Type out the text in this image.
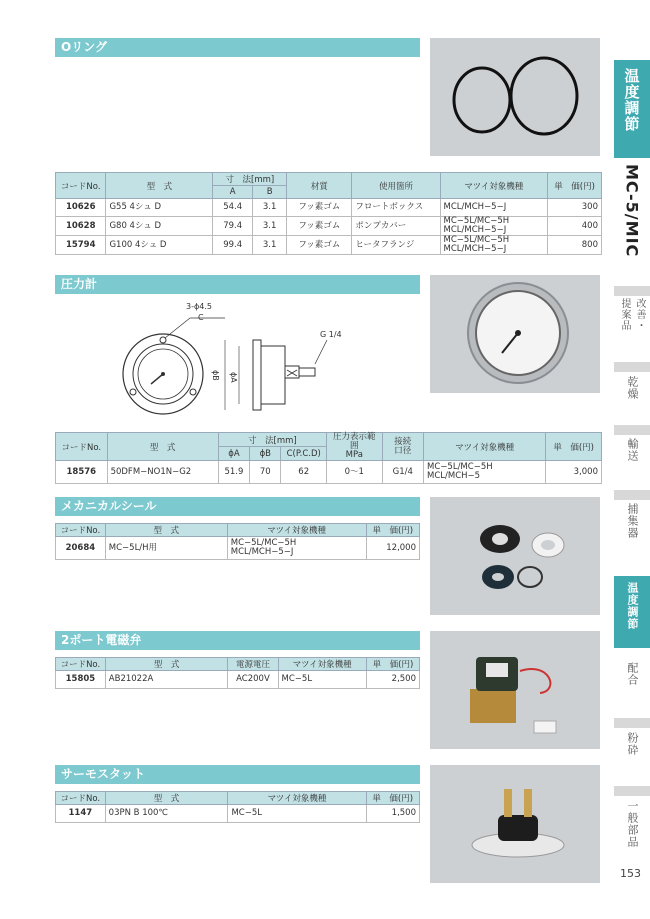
Oリング
コードNo.	型　式	寸　法[mm]		材質	使用箇所	マツイ対象機種	単　価(円)
		A	B				
10626	G55 4シュ D	54.4	3.1	フッ素ゴム	フロートボックス	MCL/MCH−5−J	300
10628	G80 4シュ D	79.4	3.1	フッ素ゴム	ポンプカバー	MC−5L/MC−5H
MCL/MCH−5−J	400
15794	G100 4シュ D	99.4	3.1	フッ素ゴム	ヒータフランジ	MC−5L/MC−5H
MCL/MCH−5−J	800
圧力計
3-ϕ4.5
C
G 1/4
ϕB ϕA
コードNo.	型　式	寸　法[mm]			圧力表示範囲
MPa	接続
口径	マツイ対象機種	単　価(円)
		ϕA	ϕB	C(P.C.D)				
18576	50DFM−NO1N−G2	51.9	70	62	0〜1	G1/4	MC−5L/MC−5H
MCL/MCH−5	3,000
メカニカルシール
コードNo.	型　式	マツイ対象機種	単　価(円)
20684	MC−5L/H用	MC−5L/MC−5H
MCL/MCH−5−J	12,000
2ポート電磁弁
コードNo.	型　式	電源電圧	マツイ対象機種	単　価(円)
15805	AB21022A	AC200V	MC−5L	2,500
サーモスタット
コードNo.	型　式	マツイ対象機種	単　価(円)
1147	03PN B 100℃	MC−5L	1,500
温度調節
MC-5/MIC
改善・
提案品
乾燥
輸送
捕集器
温度調節
配合
粉砕
一般部品
153
